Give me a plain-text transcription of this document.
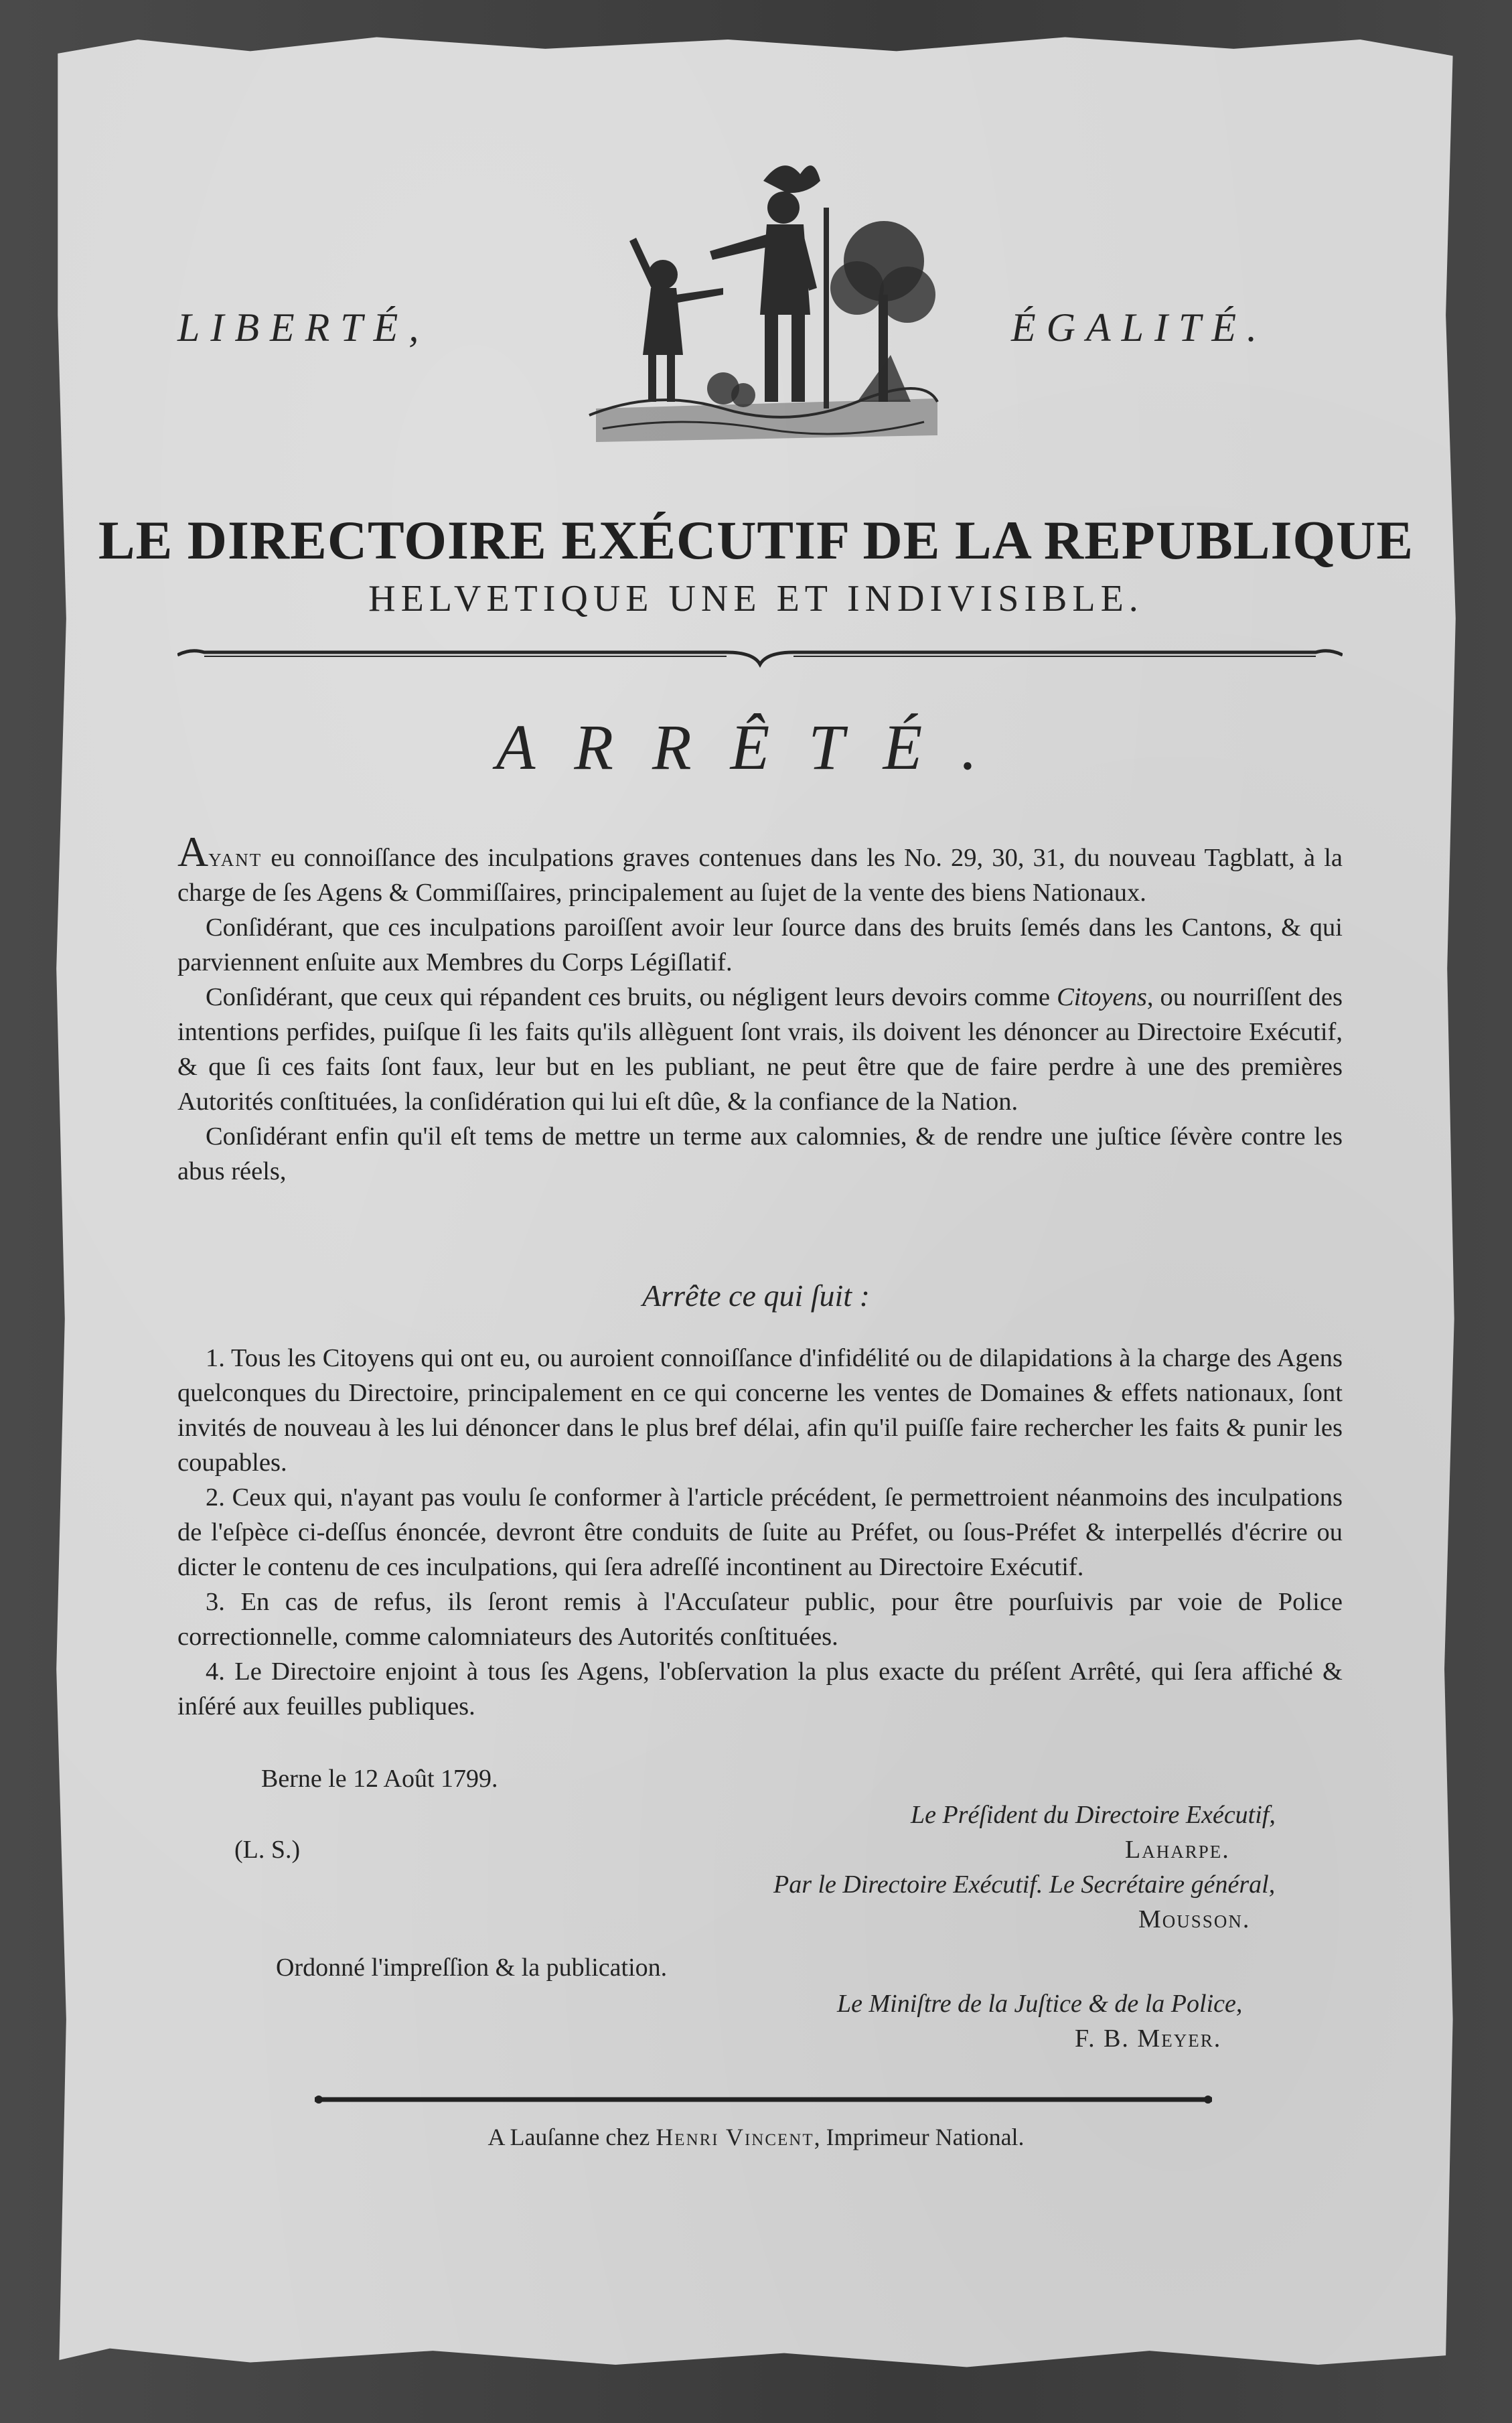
LIBERTÉ,	ÉGALITÉ.
LE DIRECTOIRE EXÉCUTIF DE LA REPUBLIQUE
HELVETIQUE UNE ET INDIVISIBLE.
ARRÊTÉ.

Ayant eu connoiſſance des inculpations graves contenues dans les No. 29, 30, 31, du nouveau Tagblatt, à la charge de ſes Agens & Commiſſaires, principalement au ſujet de la vente des biens Nationaux.

Conſidérant, que ces inculpations paroiſſent avoir leur ſource dans des bruits ſemés dans les Cantons, & qui parviennent enſuite aux Membres du Corps Légiſlatif.

Conſidérant, que ceux qui répandent ces bruits, ou négligent leurs devoirs comme Citoyens, ou nourriſſent des intentions perfides, puiſque ſi les faits qu'ils allèguent ſont vrais, ils doivent les dénoncer au Directoire Exécutif, & que ſi ces faits ſont faux, leur but en les publiant, ne peut être que de faire perdre à une des premières Autorités conſtituées, la conſidération qui lui eſt dûe, & la confiance de la Nation.

Conſidérant enfin qu'il eſt tems de mettre un terme aux calomnies, & de rendre une juſtice ſévère contre les abus réels,

Arrête ce qui ſuit :

1. Tous les Citoyens qui ont eu, ou auroient connoiſſance d'infidélité ou de dilapidations à la charge des Agens quelconques du Directoire, principalement en ce qui concerne les ventes de Domaines & effets nationaux, ſont invités de nouveau à les lui dénoncer dans le plus bref délai, afin qu'il puiſſe faire rechercher les faits & punir les coupables.

2. Ceux qui, n'ayant pas voulu ſe conformer à l'article précédent, ſe permettroient néanmoins des inculpations de l'eſpèce ci-deſſus énoncée, devront être conduits de ſuite au Préfet, ou ſous-Préfet & interpellés d'écrire ou dicter le contenu de ces inculpations, qui ſera adreſſé incontinent au Directoire Exécutif.

3. En cas de refus, ils ſeront remis à l'Accuſateur public, pour être pourſuivis par voie de Police correctionnelle, comme calomniateurs des Autorités conſtituées.

4. Le Directoire enjoint à tous ſes Agens, l'obſervation la plus exacte du préſent Arrêté, qui ſera affiché & inſéré aux feuilles publiques.

Berne le 12 Août 1799.
Le Préſident du Directoire Exécutif,
(L. S.)	Laharpe.
Par le Directoire Exécutif. Le Secrétaire général,
Mousson.
Ordonné l'impreſſion & la publication.
Le Miniſtre de la Juſtice & de la Police,
F. B. Meyer.
A Lauſanne chez Henri Vincent, Imprimeur National.
